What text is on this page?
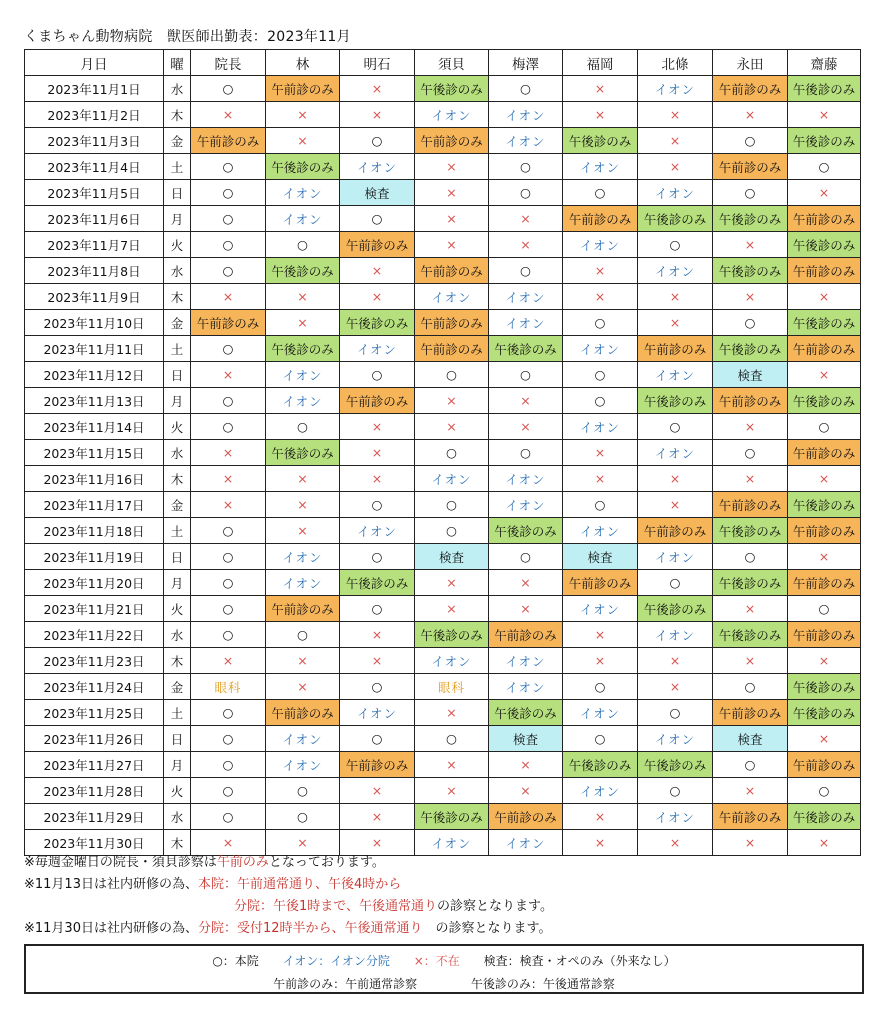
くまちゃん動物病院　獣医師出勤表：2023年11月
月日	曜	院長	林	明石	須貝	梅澤	福岡	北條	永田	齋藤
2023年11月1日	水	○	午前診のみ	×	午後診のみ	○	×	イオン	午前診のみ	午後診のみ
2023年11月2日	木	×	×	×	イオン	イオン	×	×	×	×
2023年11月3日	金	午前診のみ	×	○	午前診のみ	イオン	午後診のみ	×	○	午後診のみ
2023年11月4日	土	○	午後診のみ	イオン	×	○	イオン	×	午前診のみ	○
2023年11月5日	日	○	イオン	検査	×	○	○	イオン	○	×
2023年11月6日	月	○	イオン	○	×	×	午前診のみ	午後診のみ	午後診のみ	午前診のみ
2023年11月7日	火	○	○	午前診のみ	×	×	イオン	○	×	午後診のみ
2023年11月8日	水	○	午後診のみ	×	午前診のみ	○	×	イオン	午後診のみ	午前診のみ
2023年11月9日	木	×	×	×	イオン	イオン	×	×	×	×
2023年11月10日	金	午前診のみ	×	午後診のみ	午前診のみ	イオン	○	×	○	午後診のみ
2023年11月11日	土	○	午後診のみ	イオン	午前診のみ	午後診のみ	イオン	午前診のみ	午後診のみ	午前診のみ
2023年11月12日	日	×	イオン	○	○	○	○	イオン	検査	×
2023年11月13日	月	○	イオン	午前診のみ	×	×	○	午後診のみ	午前診のみ	午後診のみ
2023年11月14日	火	○	○	×	×	×	イオン	○	×	○
2023年11月15日	水	×	午後診のみ	×	○	○	×	イオン	○	午前診のみ
2023年11月16日	木	×	×	×	イオン	イオン	×	×	×	×
2023年11月17日	金	×	×	○	○	イオン	○	×	午前診のみ	午後診のみ
2023年11月18日	土	○	×	イオン	○	午後診のみ	イオン	午前診のみ	午後診のみ	午前診のみ
2023年11月19日	日	○	イオン	○	検査	○	検査	イオン	○	×
2023年11月20日	月	○	イオン	午後診のみ	×	×	午前診のみ	○	午後診のみ	午前診のみ
2023年11月21日	火	○	午前診のみ	○	×	×	イオン	午後診のみ	×	○
2023年11月22日	水	○	○	×	午後診のみ	午前診のみ	×	イオン	午後診のみ	午前診のみ
2023年11月23日	木	×	×	×	イオン	イオン	×	×	×	×
2023年11月24日	金	眼科	×	○	眼科	イオン	○	×	○	午後診のみ
2023年11月25日	土	○	午前診のみ	イオン	×	午後診のみ	イオン	○	午前診のみ	午後診のみ
2023年11月26日	日	○	イオン	○	○	検査	○	イオン	検査	×
2023年11月27日	月	○	イオン	午前診のみ	×	×	午後診のみ	午後診のみ	○	午前診のみ
2023年11月28日	火	○	○	×	×	×	イオン	○	×	○
2023年11月29日	水	○	○	×	午後診のみ	午前診のみ	×	イオン	午前診のみ	午後診のみ
2023年11月30日	木	×	×	×	イオン	イオン	×	×	×	×
※毎週金曜日の院長・須貝診察は午前のみとなっております。
※11月13日は社内研修の為、本院：午前通常通り、午後4時から
分院：午後1時まで、午後通常通りの診察となります。
※11月30日は社内研修の為、分院：受付12時半から、午後通常通り　の診察となります。
○：本院 イオン：イオン分院 ×：不在 検査：検査・オペのみ（外来なし）
午前診のみ：午前通常診察	午後診のみ：午後通常診察
